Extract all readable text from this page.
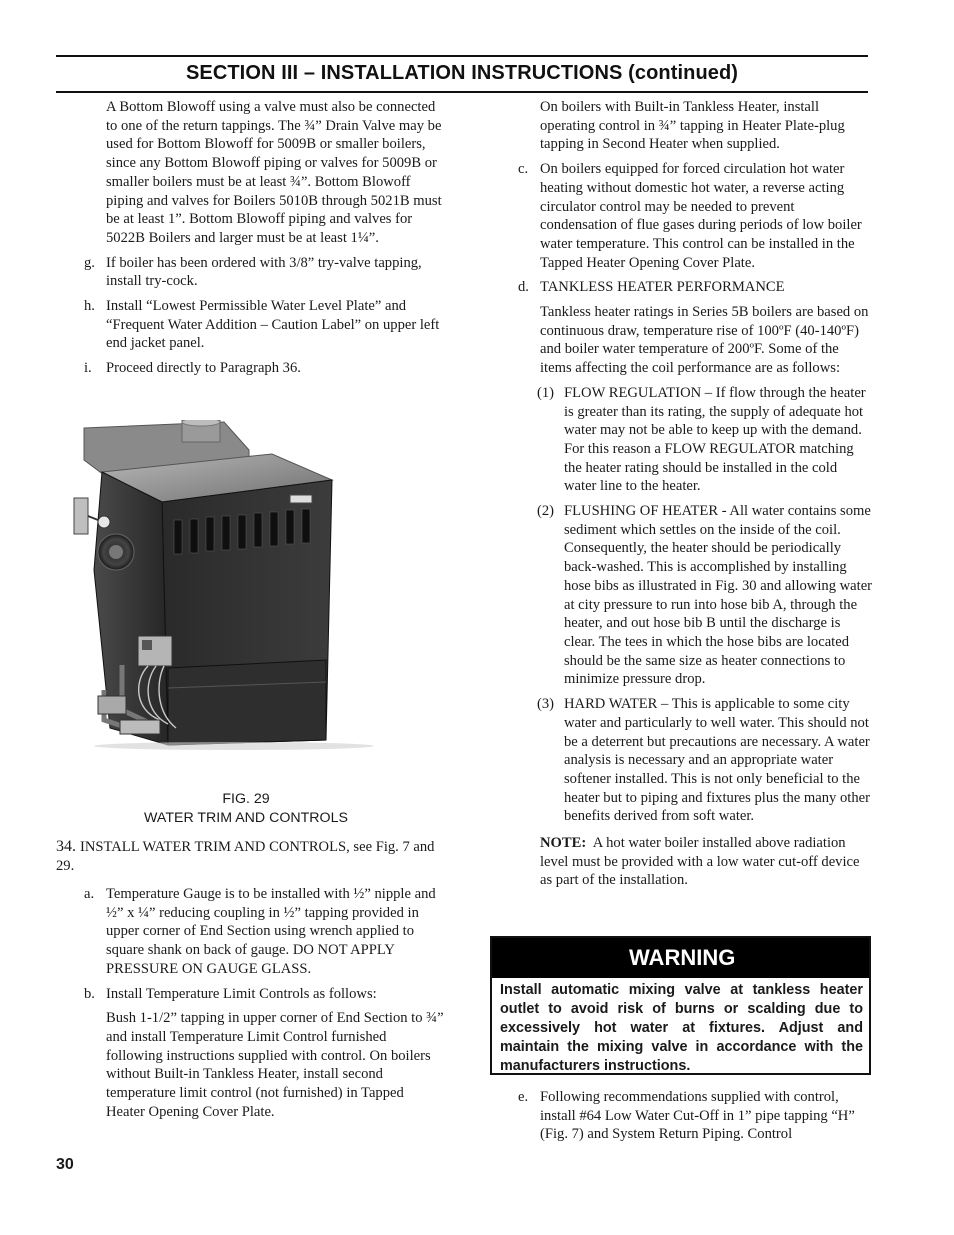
SECTION III – INSTALLATION INSTRUCTIONS (continued)

A Bottom Blowoff using a valve must also be connected to one of the return tappings. The ¾” Drain Valve may be used for Bottom Blowoff for 5009B or smaller boilers, since any Bottom Blowoff piping or valves for 5009B or smaller boilers must be at least ¾”. Bottom Blowoff piping and valves for Boilers 5010B through 5021B must be at least 1”. Bottom Blowoff piping and valves for 5022B Boilers and larger must be at least 1¼”.

g. If boiler has been ordered with 3/8” try-valve tapping, install try-cock.

h. Install “Lowest Permissible Water Level Plate” and “Frequent Water Addition – Caution Label” on upper left end jacket panel.

i. Proceed directly to Paragraph 36.

FIG. 29
WATER TRIM AND CONTROLS
34. INSTALL WATER TRIM AND CONTROLS, see Fig. 7 and 29.
a. Temperature Gauge is to be installed with ½” nipple and ½” x ¼” reducing coupling in ½” tapping provided in upper corner of End Section using wrench applied to square shank on back of gauge. DO NOT APPLY PRESSURE ON GAUGE GLASS.

b. Install Temperature Limit Controls as follows:

Bush 1-1/2” tapping in upper corner of End Section to ¾” and install Temperature Limit Control furnished following instructions supplied with control. On boilers without Built-in Tankless Heater, install second temperature limit control (not furnished) in Tapped Heater Opening Cover Plate.

On boilers with Built-in Tankless Heater, install operating control in ¾” tapping in Heater Plate-plug tapping in Second Heater when supplied.

c. On boilers equipped for forced circulation hot water heating without domestic hot water, a reverse acting circulator control may be needed to prevent condensation of flue gases during periods of low boiler water temperature. This control can be installed in the Tapped Heater Opening Cover Plate.

d. TANKLESS HEATER PERFORMANCE

Tankless heater ratings in Series 5B boilers are based on continuous draw, temperature rise of 100ºF (40-140ºF) and boiler water temperature of 200ºF. Some of the items affecting the coil performance are as follows:

(1) FLOW REGULATION – If flow through the heater is greater than its rating, the supply of adequate hot water may not be able to keep up with the demand. For this reason a FLOW REGULATOR matching the heater rating should be installed in the cold water line to the heater.

(2) FLUSHING OF HEATER - All water contains some sediment which settles on the inside of the coil. Consequently, the heater should be periodically back-washed. This is accomplished by installing hose bibs as illustrated in Fig. 30 and allowing water at city pressure to run into hose bib A, through the heater, and out hose bib B until the discharge is clear. The tees in which the hose bibs are located should be the same size as heater connections to minimize pressure drop.

(3) HARD WATER – This is applicable to some city water and particularly to well water. This should not be a deterrent but precautions are necessary. A water analysis is necessary and an appropriate water softener installed. This is not only beneficial to the heater but to piping and fixtures plus the many other benefits derived from soft water.

NOTE: A hot water boiler installed above radiation level must be provided with a low water cut-off device as part of the installation.

WARNING
Install automatic mixing valve at tankless heater outlet to avoid risk of burns or scalding due to excessively hot water at fixtures. Adjust and maintain the mixing valve in accordance with the manufacturers instructions.
e. Following recommendations supplied with control, install #64 Low Water Cut-Off in 1” pipe tapping “H” (Fig. 7) and System Return Piping. Control

30
